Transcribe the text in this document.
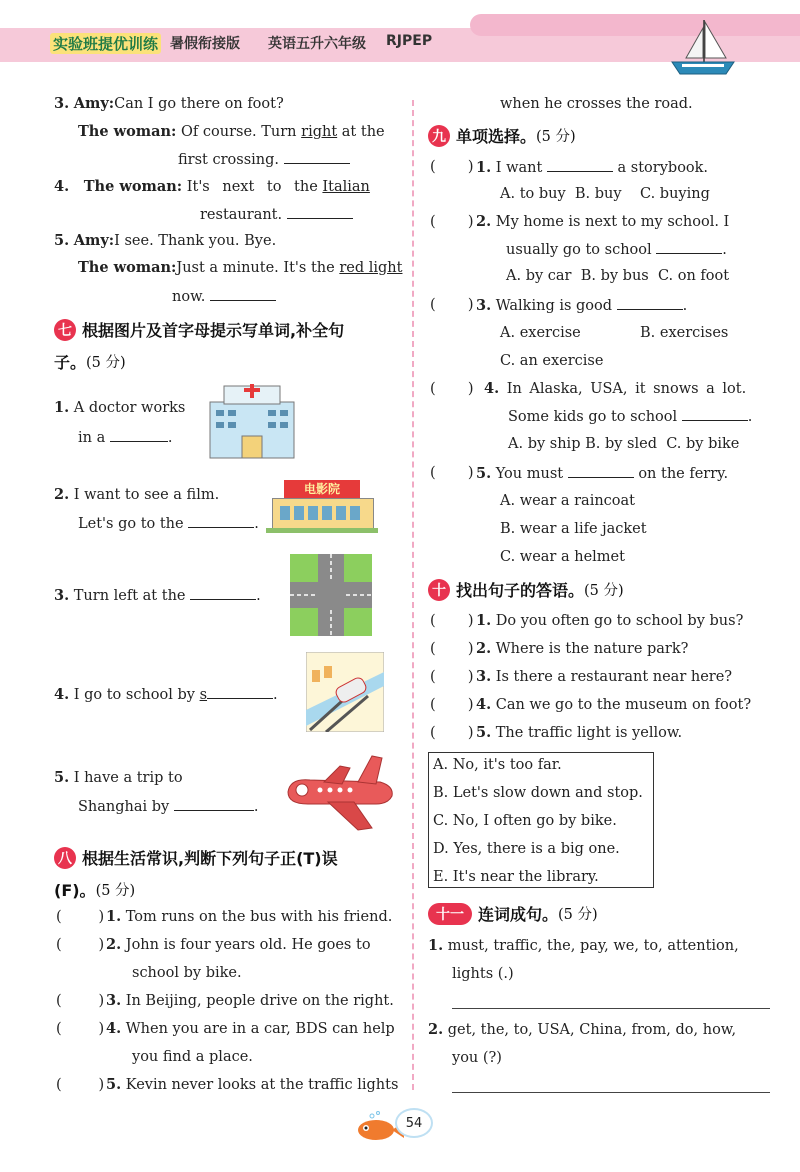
实验班提优训练 暑假衔接版 英语五升六年级 RJPEP
3. Amy:Can I go there on foot?
The woman: Of course. Turn right at the
first crossing.
4. The woman: It's next to the Italian
restaurant.
5. Amy:I see. Thank you. Bye.
The woman:Just a minute. It's the red light
now.
七 根据图片及首字母提示写单词,补全句
子。 (5 分)
1. A doctor works
in a	.
2. I want to see a film.
Let's go to the	.
电影院
3. Turn left at the	.
4. I go to school by s	.
5. I have a trip to
Shanghai by	.
八 根据生活常识,判断下列句子正(T)误
(F)。 (5 分)
(        ) 1. Tom runs on the bus with his friend.
(        ) 2. John is four years old. He goes to
school by bike.
(        ) 3. In Beijing, people drive on the right.
(        ) 4. When you are in a car, BDS can help
you find a place.
(        ) 5. Kevin never looks at the traffic lights
when he crosses the road.
九 单项选择。 (5 分)
(       ) 1. I want	a storybook.
A. to buy B. buy C. buying
(       ) 2. My home is next to my school. I
usually go to school	.
A. by car B. by bus C. on foot
(       ) 3. Walking is good	.
A. exercise	B. exercises
C. an exercise
(       ) 4. In Alaska, USA, it snows a lot.
Some kids go to school	.
A. by ship B. by sled C. by bike
(       ) 5. You must	on the ferry.
A. wear a raincoat
B. wear a life jacket
C. wear a helmet
十 找出句子的答语。 (5 分)
(       ) 1. Do you often go to school by bus?
(       ) 2. Where is the nature park?
(       ) 3. Is there a restaurant near here?
(       ) 4. Can we go to the museum on foot?
(       ) 5. The traffic light is yellow.
A. No, it's too far.
B. Let's slow down and stop.
C. No, I often go by bike.
D. Yes, there is a big one.
E. It's near the library.
十一 连词成句。 (5 分)
1. must, traffic, the, pay, we, to, attention,
lights (.)
2. get, the, to, USA, China, from, do, how,
you (?)
54
